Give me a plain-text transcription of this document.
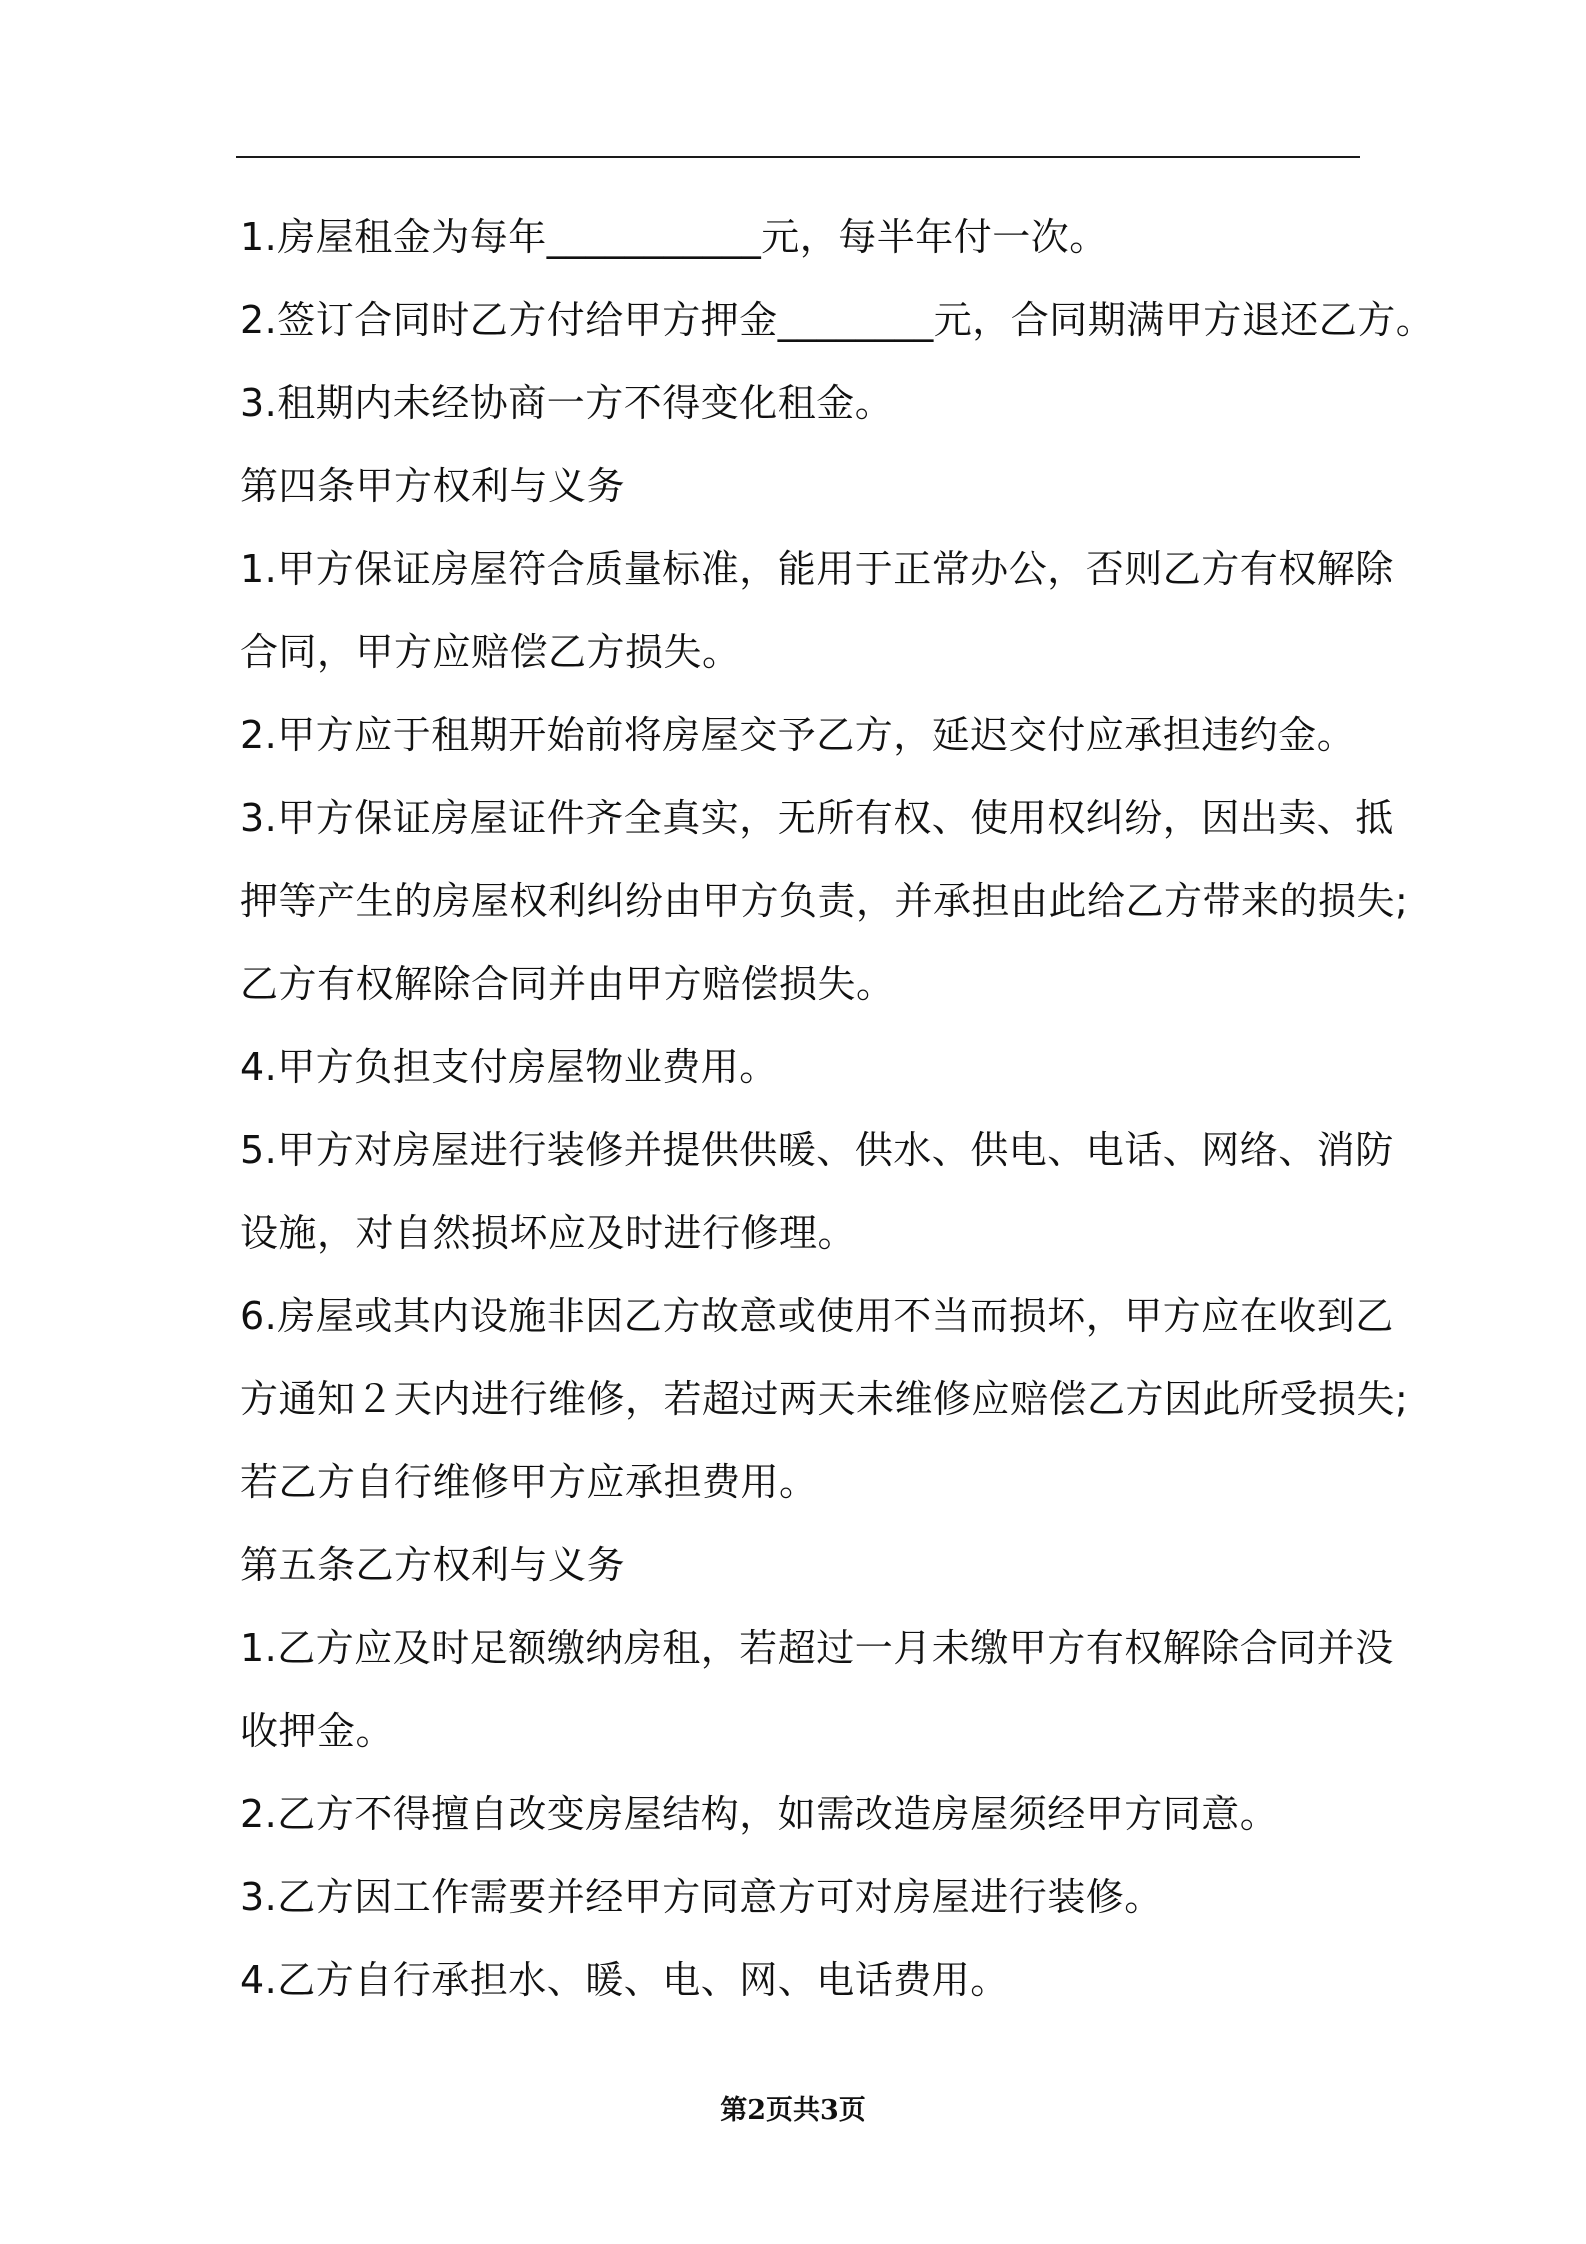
1.房屋租金为每年___________元，每半年付一次。
2.签订合同时乙方付给甲方押金________元，合同期满甲方退还乙方。
3.租期内未经协商一方不得变化租金。
第四条甲方权利与义务
1.甲方保证房屋符合质量标准，能用于正常办公，否则乙方有权解除
合同，甲方应赔偿乙方损失。
2.甲方应于租期开始前将房屋交予乙方，延迟交付应承担违约金。
3.甲方保证房屋证件齐全真实，无所有权、使用权纠纷，因出卖、抵
押等产生的房屋权利纠纷由甲方负责，并承担由此给乙方带来的损失;
乙方有权解除合同并由甲方赔偿损失。
4.甲方负担支付房屋物业费用。
5.甲方对房屋进行装修并提供供暖、供水、供电、电话、网络、消防
设施，对自然损坏应及时进行修理。
6.房屋或其内设施非因乙方故意或使用不当而损坏，甲方应在收到乙
方通知２天内进行维修，若超过两天未维修应赔偿乙方因此所受损失;
若乙方自行维修甲方应承担费用。
第五条乙方权利与义务
1.乙方应及时足额缴纳房租，若超过一月未缴甲方有权解除合同并没
收押金。
2.乙方不得擅自改变房屋结构，如需改造房屋须经甲方同意。
3.乙方因工作需要并经甲方同意方可对房屋进行装修。
4.乙方自行承担水、暖、电、网、电话费用。
第2页共3页
